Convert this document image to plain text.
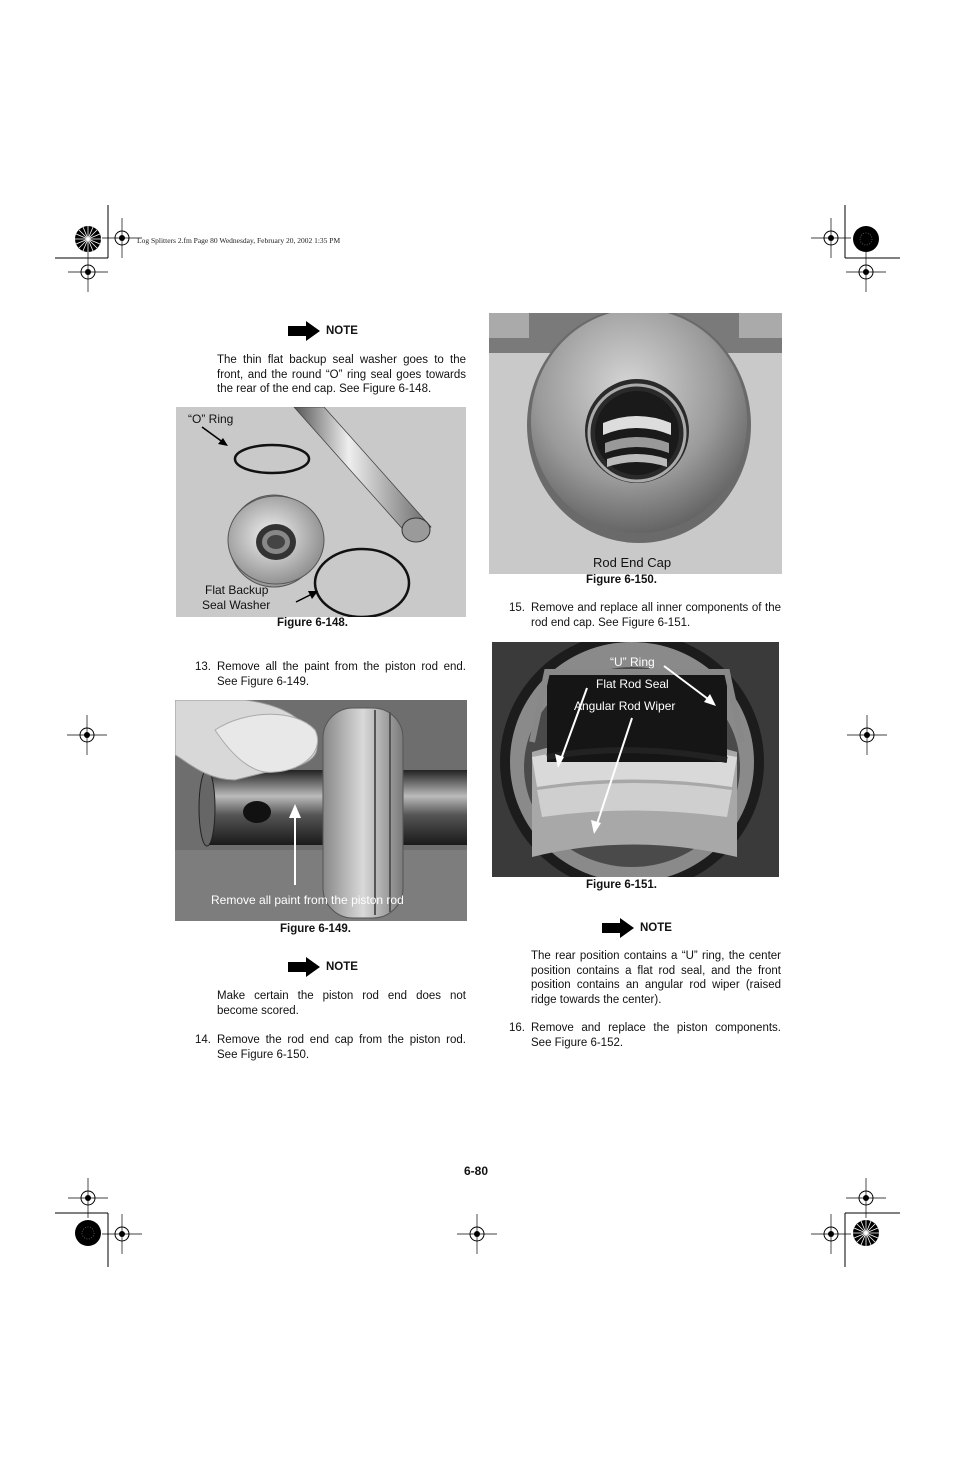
Log Splitters 2.fm Page 80 Wednesday, February 20, 2002 1:35 PM
NOTE
The thin flat backup seal washer goes to the front, and the round “O” ring seal goes towards the rear of the end cap. See Figure 6-148.
“O” Ring
Flat Backup
Seal Washer
Figure 6-148.
13. Remove all the paint from the piston rod end. See Figure 6-149.
Remove all paint from the piston rod
Figure 6-149.
NOTE
Make certain the piston rod end does not become scored.
14. Remove the rod end cap from the piston rod. See Figure 6-150.
Rod End Cap
Figure 6-150.
15. Remove and replace all inner components of the rod end cap. See Figure 6-151.
“U” Ring
Flat Rod Seal
Angular Rod Wiper
Figure 6-151.
NOTE
The rear position contains a “U” ring, the center position contains a flat rod seal, and the front position contains an angular rod wiper (raised ridge towards the center).
16. Remove and replace the piston components. See Figure 6-152.
6-80
